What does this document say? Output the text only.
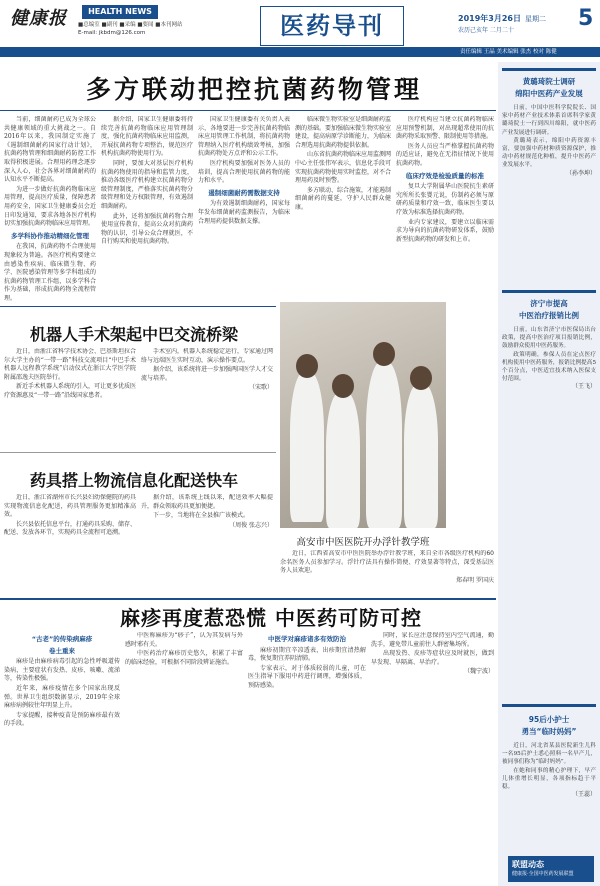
健康报	HEALTH NEWS
■总编室 ■副刊 ■采编 ■要闻 ■本刊网站
E-mail: jkbdm@126.com	医药导刊	2019年3月26日 星期二
农历己亥年 二月二十	5
责任编辑 王晶 美术编辑 张杰 校对 陈健
多方联动把控抗菌药物管理

当前，细菌耐药已成为全球公共健康领域的重大挑战之一。自2016年以来，我国制定实施了《遏制细菌耐药国家行动计划》，抗菌药物管理和细菌耐药防控工作取得积极进展。合理用药理念逐步深入人心，社会各界对细菌耐药的认知水平不断提高。

为进一步做好抗菌药物临床应用管理，提高医疗质量，保障患者用药安全，国家卫生健康委员会近日印发通知，要求各地各医疗机构切实加强抗菌药物临床应用管理。

多学科协作推动精细化管理

在我国，抗菌药物不合理使用现象较为普遍。各医疗机构要建立由感染性疾病、临床微生物、药学、医院感染管理等多学科组成的抗菌药物管理工作组，以多学科合作为基础，形成抗菌药物全流程管理。

据介绍，国家卫生健康委将持续完善抗菌药物临床应用管理制度，强化抗菌药物临床应用监测，开展抗菌药物专项整治，规范医疗机构抗菌药物使用行为。

同时，要加大对基层医疗机构抗菌药物使用的指导和监管力度，推动各级医疗机构建立抗菌药物分级管理制度，严格落实抗菌药物分级管理和处方权限管理，有效遏制细菌耐药。

此外，还将加强抗菌药物合理使用宣传教育，提高公众对抗菌药物的认识，引导公众合理就医，不自行购买和使用抗菌药物。

国家卫生健康委有关负责人表示，各地要进一步完善抗菌药物临床应用管理工作机制，将抗菌药物管理纳入医疗机构绩效考核，加强抗菌药物处方点评和公示工作。

医疗机构要加强对医务人员的培训，提高合理使用抗菌药物的能力和水平。

遏制细菌耐药需数据支持

为有效遏制细菌耐药，国家每年发布细菌耐药监测报告，为临床合理用药提供数据支撑。

临床微生物实验室是细菌耐药监测的基础。要加强临床微生物实验室建设，提高病原学诊断能力，为临床合理选用抗菌药物提供依据。

山东省抗菌药物临床应用监测网中心主任张伟军表示，信息化手段可实现抗菌药物使用实时监控，对不合理用药及时预警。

多方联动、综合施策，才能遏制细菌耐药的蔓延，守护人民群众健康。

医疗机构应当建立抗菌药物临床应用预警机制，对出现超常使用的抗菌药物采取预警、限制使用等措施。

医务人员应当严格掌握抗菌药物的适应证，避免在无指征情况下使用抗菌药物。

临床疗效是检验质量的标准

复旦大学附属华山医院抗生素研究所所长张婴元说，仿制药必须与原研药质量和疗效一致，临床医生要以疗效为标准选择抗菌药物。

业内专家建议，要建立以临床需求为导向的抗菌药物研发体系，鼓励新型抗菌药物的研发和上市。

机器人手术架起中巴交流桥梁

近日，由浙江省科学技术协会、巴基斯坦拉合尔大学主办的“一带一路”科技交流项目“中巴手术机器人远程教学系统”启动仪式在浙江大学医学院附属邵逸夫医院举行。

新近手术机器人系统的引入，可让更多优质医疗资源惠及“一带一路”沿线国家患者。

手术室内，机器人系统稳定运行，专家通过网络与远端医生实时互动，演示操作要点。

据介绍，该系统将进一步加强两国医学人才交流与培养。

（宋歌）
药具搭上物流信息化配送快车

近日，浙江省湖州市长兴县妇幼保健院的药具实现物流信息化配送，药具管理服务更加精准高效。

长兴县依托信息平台，打通药具采购、储存、配送、发放各环节，实现药具全流程可追溯。

据介绍，该系统上线以来，配送效率大幅提升，群众领取药具更加便捷。

下一步，当地将在全县推广该模式。

（周俊 张志兴）
高安市中医医院开办浮针教学班

近日，江西省高安市中医医院举办浮针教学班，来自全市各级医疗机构的60余名医务人员参加学习。浮针疗法具有操作简便、疗效显著等特点，深受基层医务人员欢迎。

郑春明 罗国庆
麻疹再度惹恐慌 中医药可防可控
“古老”的传染病麻疹
卷土重来

麻疹是由麻疹病毒引起的急性呼吸道传染病，主要症状有发热、皮疹、咳嗽、流涕等，传染性极强。

近年来，麻疹疫情在多个国家出现反弹。世界卫生组织数据显示，2019年全球麻疹病例较往年明显上升。

专家提醒，接种疫苗是预防麻疹最有效的手段。

中医称麻疹为“痧子”，认为其发病与外感时邪有关。

中医药治疗麻疹历史悠久，积累了丰富的临床经验，可根据不同阶段辨证施治。

中医学对麻疹诸多有效防治

麻疹初期宜辛凉透表，出疹期宜清热解毒，恢复期宜养阴清肺。

专家表示，对于体质较弱的儿童，可在医生指导下服用中药进行调理，增强体质，预防感染。

同时，家长应注意保持室内空气流通，勤洗手，避免带儿童前往人群密集场所。

出现发热、皮疹等症状应及时就医，做到早发现、早隔离、早治疗。

（魏宁波）
黄璐琦院士调研
绵阳中医药产业发展

日前，中国中医科学院院长、国家中药材产业技术体系首席科学家黄璐琦院士一行到四川绵阳，就中医药产业发展进行调研。

黄璐琦表示，绵阳中药资源丰富，要加强中药材种质资源保护，推动中药材规范化种植，提升中医药产业发展水平。

（孙李坤）
济宁市提高
中医治疗报销比例

日前，山东省济宁市医保局出台政策，提高中医治疗项目报销比例，鼓励群众使用中医药服务。

政策明确，参保人员在定点医疗机构使用中医药服务，报销比例提高5个百分点，中医适宜技术纳入医保支付范围。

（王飞）
95后小护士
勇当“临时妈妈”

近日，河北省某县医院新生儿科一名95后护士悉心照料一名早产儿，被同事们称为“临时妈妈”。

在她和同事的精心护理下，早产儿体重增长明显，各项指标趋于平稳。

（王蕊）
联盟动态
健康报·全国中医药发展联盟
